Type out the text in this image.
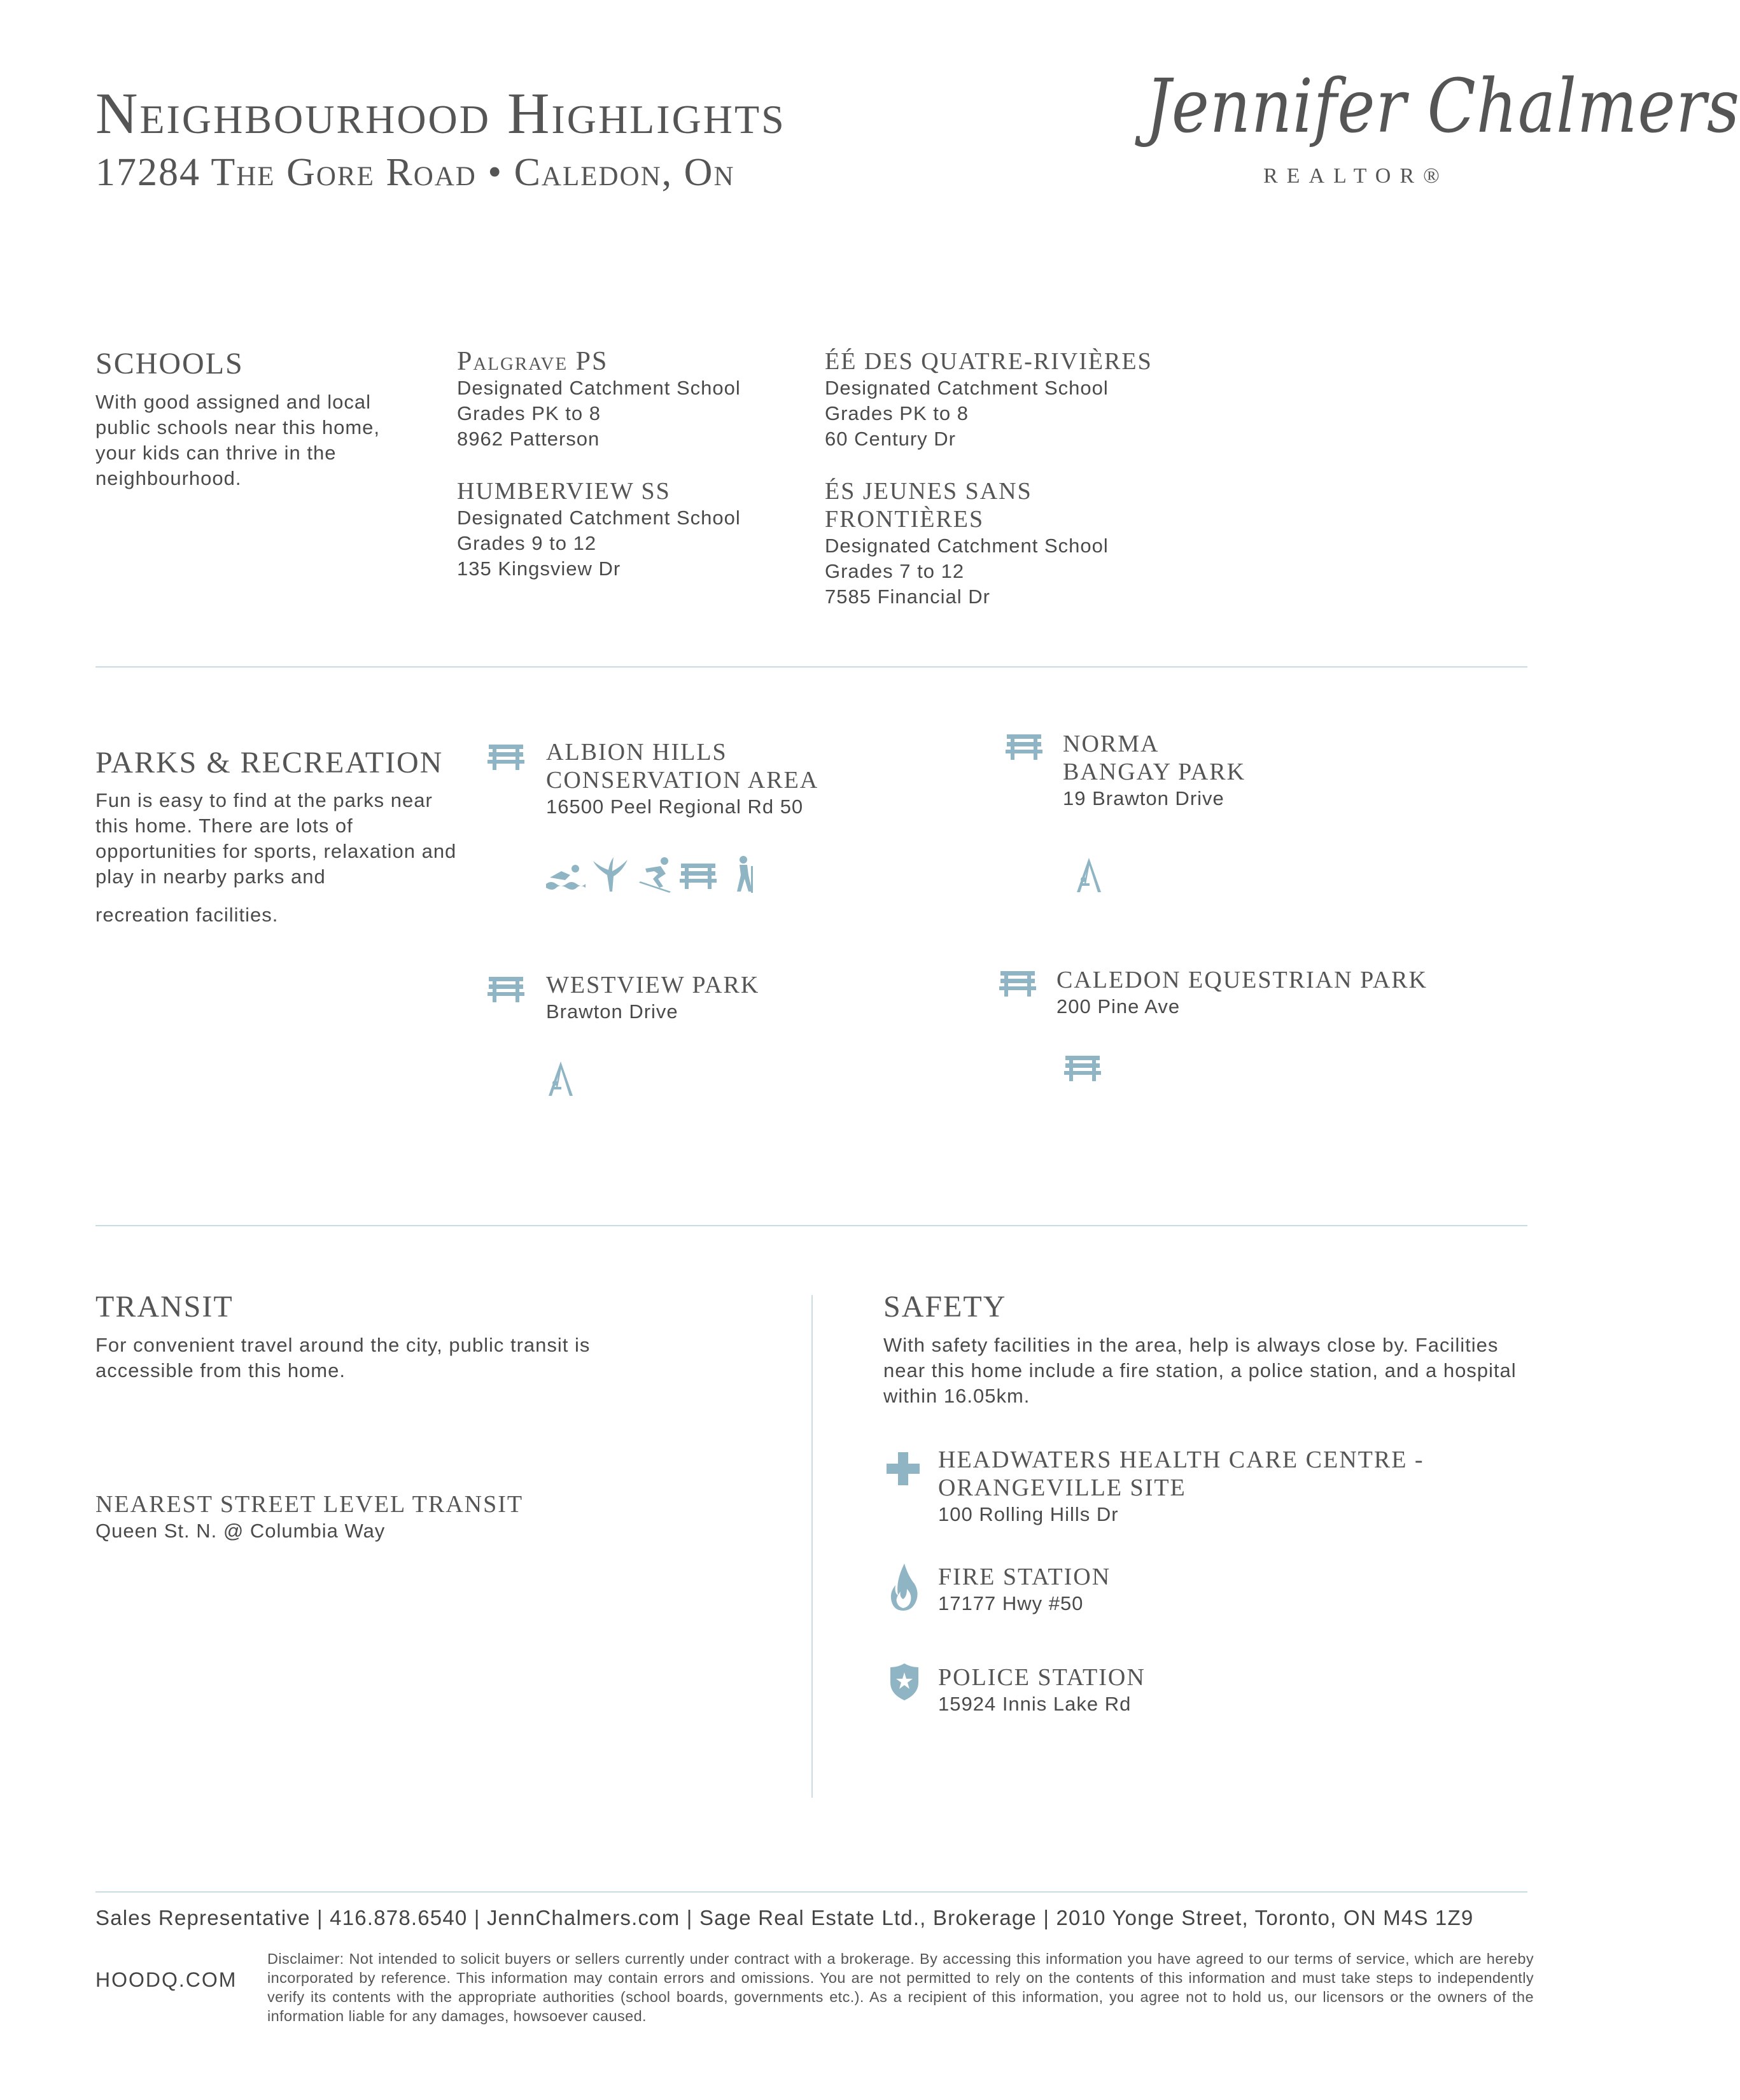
Neighbourhood Highlights
17284 The Gore Road • Caledon, On
Jennifer Chalmers
REALTOR®
SCHOOLS
With good assigned and local public schools near this home, your kids can thrive in the neighbourhood.
Palgrave PS
Designated Catchment School
Grades PK to 8
8962 Patterson
ÉÉ DES QUATRE-RIVIÈRES
Designated Catchment School
Grades PK to 8
60 Century Dr
HUMBERVIEW SS
Designated Catchment School
Grades 9 to 12
135 Kingsview Dr
ÉS JEUNES SANS FRONTIÈRES
Designated Catchment School
Grades 7 to 12
7585 Financial Dr
PARKS & RECREATION
Fun is easy to find at the parks near this home. There are lots of opportunities for sports, relaxation and play in nearby parks and
recreation facilities.
ALBION HILLS CONSERVATION AREA
16500 Peel Regional Rd 50
NORMA BANGAY PARK
19 Brawton Drive
WESTVIEW PARK
Brawton Drive
CALEDON EQUESTRIAN PARK
200 Pine Ave
TRANSIT
For convenient travel around the city, public transit is accessible from this home.
NEAREST STREET LEVEL TRANSIT
Queen St. N. @ Columbia Way
SAFETY
With safety facilities in the area, help is always close by. Facilities near this home include a fire station, a police station, and a hospital within 16.05km.
HEADWATERS HEALTH CARE CENTRE - ORANGEVILLE SITE
100 Rolling Hills Dr
FIRE STATION
17177 Hwy #50
POLICE STATION
15924 Innis Lake Rd
Sales Representative | 416.878.6540 | JennChalmers.com | Sage Real Estate Ltd., Brokerage | 2010 Yonge Street, Toronto, ON M4S 1Z9
HOODQ.COM
Disclaimer: Not intended to solicit buyers or sellers currently under contract with a brokerage. By accessing this information you have agreed to our terms of service, which are hereby incorporated by reference. This information may contain errors and omissions. You are not permitted to rely on the contents of this information and must take steps to independently verify its contents with the appropriate authorities (school boards, governments etc.). As a recipient of this information, you agree not to hold us, our licensors or the owners of the information liable for any damages, howsoever caused.
